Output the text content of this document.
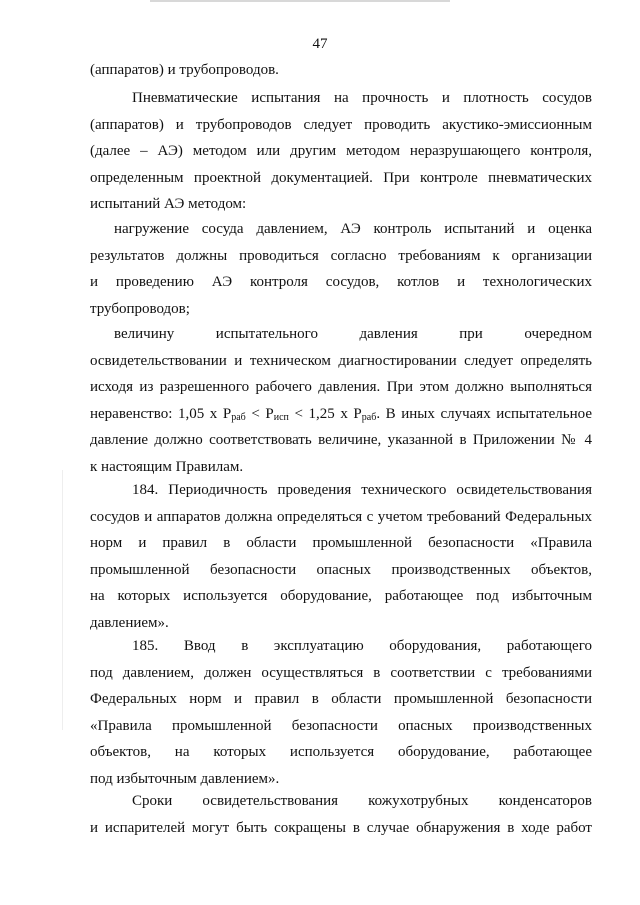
47
(аппаратов) и трубопроводов.
Пневматические испытания на прочность и плотность сосудов
(аппаратов) и трубопроводов следует проводить акустико-эмиссионным
(далее – АЭ) методом или другим методом неразрушающего контроля,
определенным проектной документацией. При контроле пневматических
испытаний АЭ методом:
нагружение сосуда давлением, АЭ контроль испытаний и оценка
результатов должны проводиться согласно требованиям к организации
и проведению АЭ контроля сосудов, котлов и технологических
трубопроводов;
величину испытательного давления при очередном
освидетельствовании и техническом диагностировании следует определять
исходя из разрешенного рабочего давления. При этом должно выполняться
неравенство: 1,05 x $P_{раб} < P_{исп} < 1,25$ x $P_{раб}$. В иных случаях испытательное
давление должно соответствовать величине, указанной в Приложении № 4
к настоящим Правилам.
184. Периодичность проведения технического освидетельствования
сосудов и аппаратов должна определяться с учетом требований Федеральных
норм и правил в области промышленной безопасности «Правила
промышленной безопасности опасных производственных объектов,
на которых используется оборудование, работающее под избыточным
давлением».
185. Ввод в эксплуатацию оборудования, работающего
под давлением, должен осуществляться в соответствии с требованиями
Федеральных норм и правил в области промышленной безопасности
«Правила промышленной безопасности опасных производственных
объектов, на которых используется оборудование, работающее
под избыточным давлением».
Сроки освидетельствования кожухотрубных конденсаторов
и испарителей могут быть сокращены в случае обнаружения в ходе работ
